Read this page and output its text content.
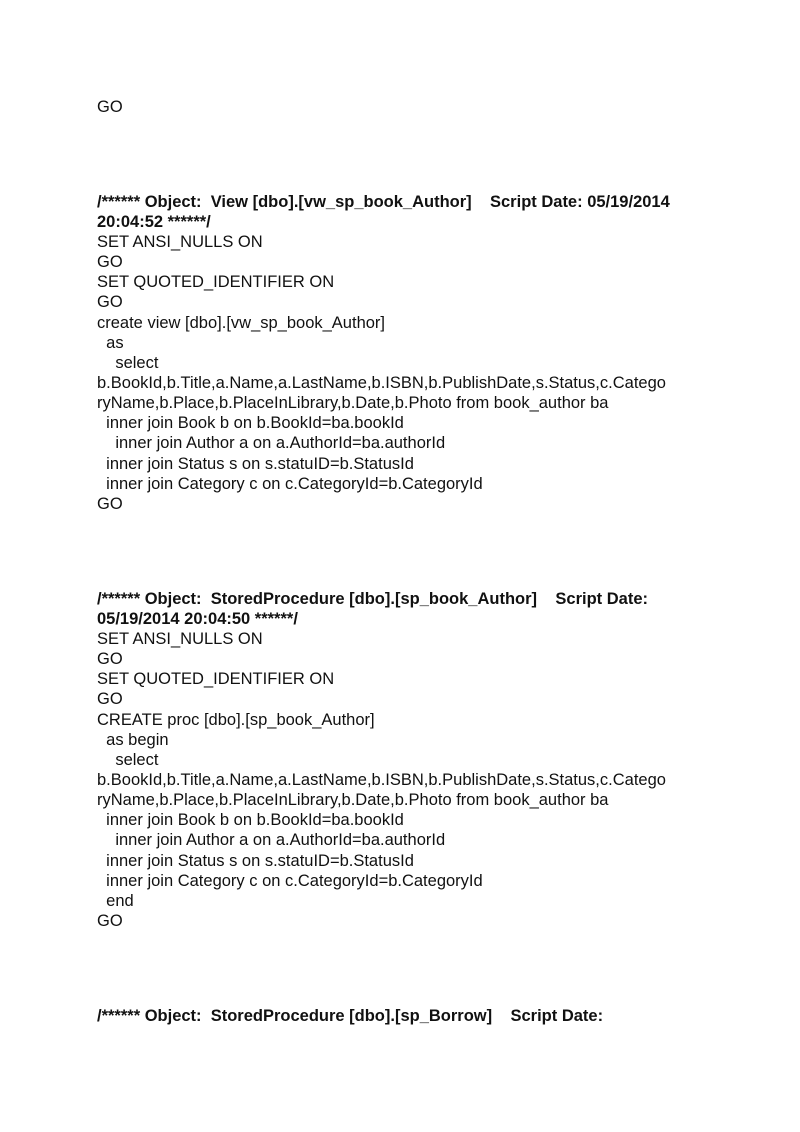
GO
/****** Object:  View [dbo].[vw_sp_book_Author]    Script Date: 05/19/2014
20:04:52 ******/
SET ANSI_NULLS ON
GO
SET QUOTED_IDENTIFIER ON
GO
create view [dbo].[vw_sp_book_Author]
as
select
b.BookId,b.Title,a.Name,a.LastName,b.ISBN,b.PublishDate,s.Status,c.Catego
ryName,b.Place,b.PlaceInLibrary,b.Date,b.Photo from book_author ba
inner join Book b on b.BookId=ba.bookId
inner join Author a on a.AuthorId=ba.authorId
inner join Status s on s.statuID=b.StatusId
inner join Category c on c.CategoryId=b.CategoryId
GO
/****** Object:  StoredProcedure [dbo].[sp_book_Author]    Script Date:
05/19/2014 20:04:50 ******/
SET ANSI_NULLS ON
GO
SET QUOTED_IDENTIFIER ON
GO
CREATE proc [dbo].[sp_book_Author]
as begin
select
b.BookId,b.Title,a.Name,a.LastName,b.ISBN,b.PublishDate,s.Status,c.Catego
ryName,b.Place,b.PlaceInLibrary,b.Date,b.Photo from book_author ba
inner join Book b on b.BookId=ba.bookId
inner join Author a on a.AuthorId=ba.authorId
inner join Status s on s.statuID=b.StatusId
inner join Category c on c.CategoryId=b.CategoryId
end
GO
/****** Object:  StoredProcedure [dbo].[sp_Borrow]    Script Date:
